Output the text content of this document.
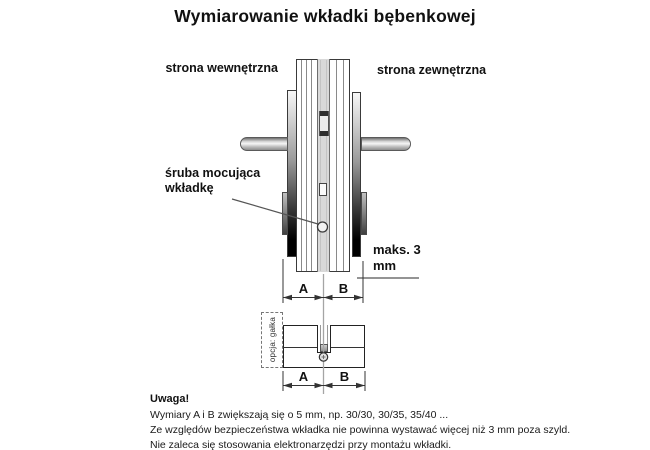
Wymiarowanie wkładki bębenkowej
strona wewnętrzna	strona zewnętrzna
śruba mocująca wkładkę
maks. 3 mm
A	B
opcja: gałka
A	B
Uwaga!
Wymiary A i B zwiększają się o 5 mm, np. 30/30, 30/35, 35/40 ...
Ze względów bezpieczeństwa wkładka nie powinna wystawać więcej niż 3 mm poza szyld.
Nie zaleca się stosowania elektronarzędzi przy montażu wkładki.
